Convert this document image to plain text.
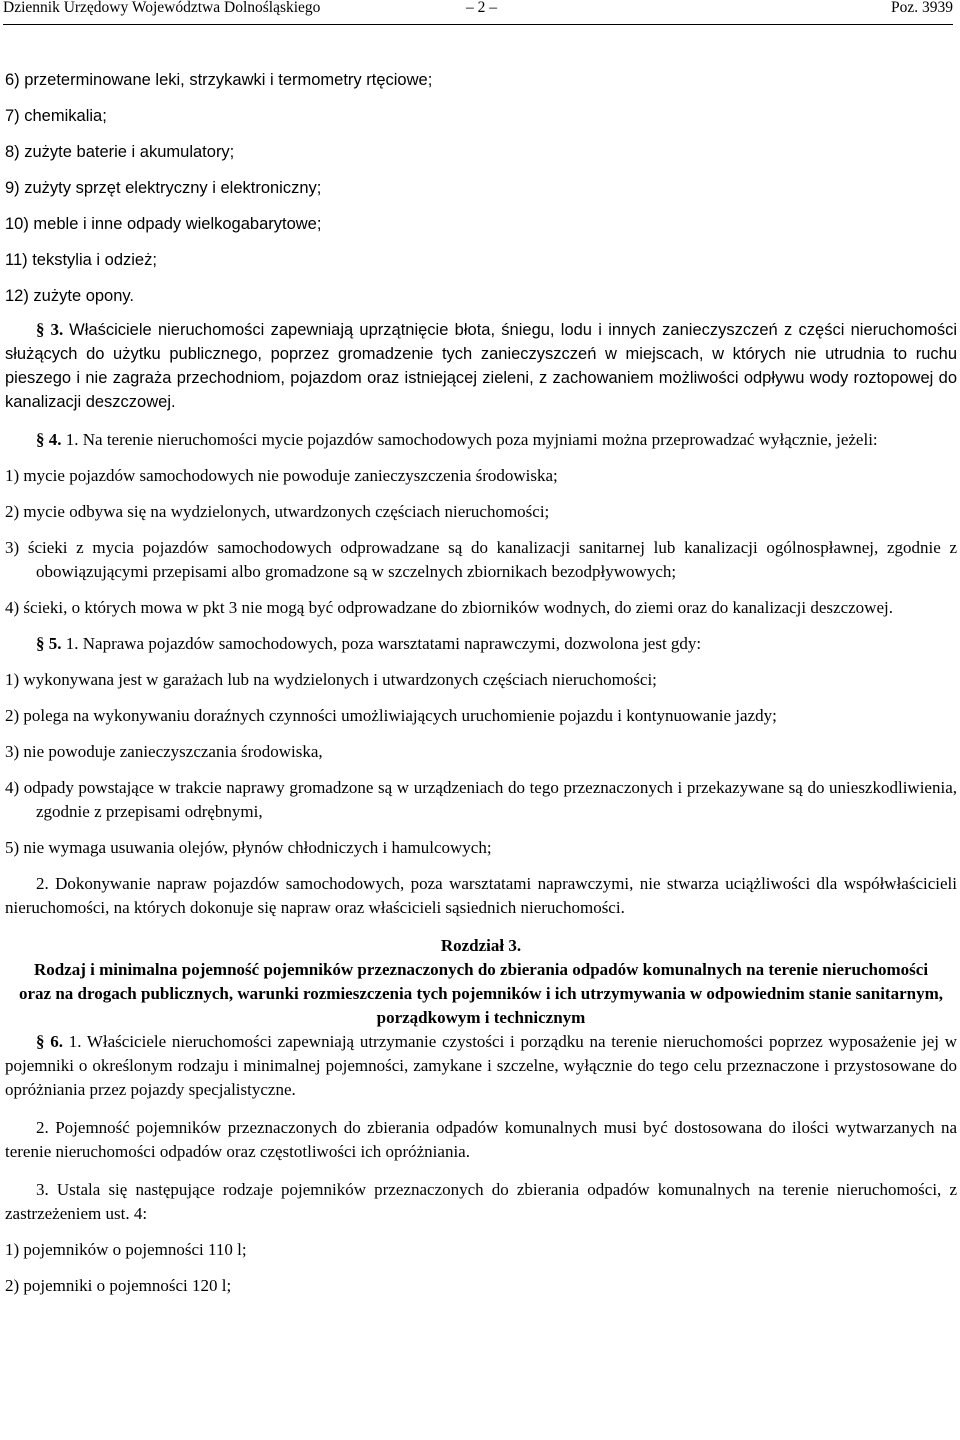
Dziennik Urzędowy Województwa Dolnośląskiego	– 2 –	Poz. 3939

6) przeterminowane leki, strzykawki i termometry rtęciowe;

7) chemikalia;

8) zużyte baterie i akumulatory;

9) zużyty sprzęt elektryczny i elektroniczny;

10) meble i inne odpady wielkogabarytowe;

11) tekstylia i odzież;

12) zużyte opony.

§ 3. Właściciele nieruchomości zapewniają uprzątnięcie błota, śniegu, lodu i innych zanieczyszczeń z części nieruchomości służących do użytku publicznego, poprzez gromadzenie tych zanieczyszczeń w miejscach, w których nie utrudnia to ruchu pieszego i nie zagraża przechodniom, pojazdom oraz istniejącej zieleni, z zachowaniem możliwości odpływu wody roztopowej do kanalizacji deszczowej.

§ 4. 1. Na terenie nieruchomości mycie pojazdów samochodowych poza myjniami można przeprowadzać wyłącznie, jeżeli:

1) mycie pojazdów samochodowych nie powoduje zanieczyszczenia środowiska;

2) mycie odbywa się na wydzielonych, utwardzonych częściach nieruchomości;

3) ścieki z mycia pojazdów samochodowych odprowadzane są do kanalizacji sanitarnej lub kanalizacji ogólnospławnej, zgodnie z obowiązującymi przepisami albo gromadzone są w szczelnych zbiornikach bezodpływowych;

4) ścieki, o których mowa w pkt 3 nie mogą być odprowadzane do zbiorników wodnych, do ziemi oraz do kanalizacji deszczowej.

§ 5. 1. Naprawa pojazdów samochodowych, poza warsztatami naprawczymi, dozwolona jest gdy:

1) wykonywana jest w garażach lub na wydzielonych i utwardzonych częściach nieruchomości;

2) polega na wykonywaniu doraźnych czynności umożliwiających uruchomienie pojazdu i kontynuowanie jazdy;

3) nie powoduje zanieczyszczania środowiska,

4) odpady powstające w trakcie naprawy gromadzone są w urządzeniach do tego przeznaczonych i przekazywane są do unieszkodliwienia, zgodnie z przepisami odrębnymi,

5) nie wymaga usuwania olejów, płynów chłodniczych i hamulcowych;

2. Dokonywanie napraw pojazdów samochodowych, poza warsztatami naprawczymi, nie stwarza uciążliwości dla współwłaścicieli nieruchomości, na których dokonuje się napraw oraz właścicieli sąsiednich nieruchomości.

Rozdział 3.

Rodzaj i minimalna pojemność pojemników przeznaczonych do zbierania odpadów komunalnych na terenie nieruchomości oraz na drogach publicznych, warunki rozmieszczenia tych pojemników i ich utrzymywania w odpowiednim stanie sanitarnym, porządkowym i technicznym

§ 6. 1. Właściciele nieruchomości zapewniają utrzymanie czystości i porządku na terenie nieruchomości poprzez wyposażenie jej w pojemniki o określonym rodzaju i minimalnej pojemności, zamykane i szczelne, wyłącznie do tego celu przeznaczone i przystosowane do opróżniania przez pojazdy specjalistyczne.

2. Pojemność pojemników przeznaczonych do zbierania odpadów komunalnych musi być dostosowana do ilości wytwarzanych na terenie nieruchomości odpadów oraz częstotliwości ich opróżniania.

3. Ustala się następujące rodzaje pojemników przeznaczonych do zbierania odpadów komunalnych na terenie nieruchomości, z zastrzeżeniem ust. 4:

1) pojemników o pojemności 110 l;

2) pojemniki o pojemności 120 l;
